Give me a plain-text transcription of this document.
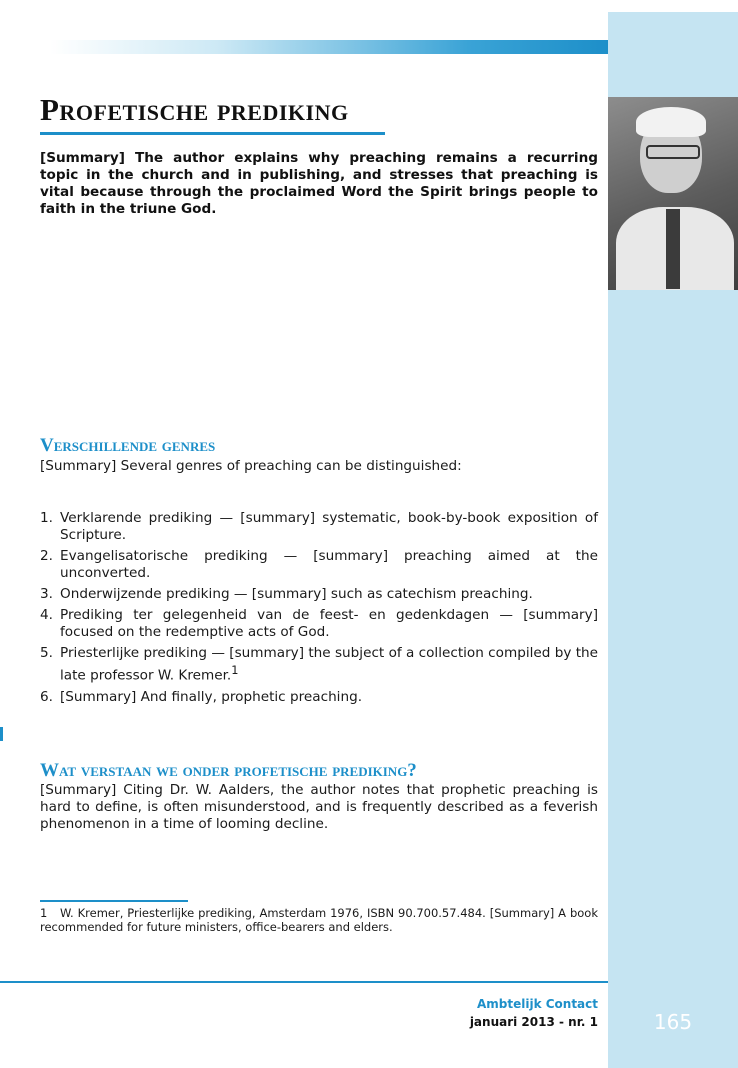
Profetische prediking

[Summary] The author explains why preaching remains a recurring topic in the church and in publishing, and stresses that preaching is vital because through the proclaimed Word the Spirit brings people to faith in the triune God.

Verschillende genres

[Summary] Several genres of preaching can be distinguished:

1. Verklarende prediking — [summary] systematic, book-by-book exposition of Scripture.
2. Evangelisatorische prediking — [summary] preaching aimed at the unconverted.
3. Onderwijzende prediking — [summary] such as catechism preaching.
4. Prediking ter gelegenheid van de feest- en gedenkdagen — [summary] focused on the redemptive acts of God.
5. Priesterlijke prediking — [summary] the subject of a collection compiled by the late professor W. Kremer.$^1$
6. [Summary] And finally, prophetic preaching.
Wat verstaan we onder profetische prediking?

[Summary] Citing Dr. W. Aalders, the author notes that prophetic preaching is hard to define, is often misunderstood, and is frequently described as a feverish phenomenon in a time of looming decline.

1 W. Kremer, Priesterlijke prediking, Amsterdam 1976, ISBN 90.700.57.484. [Summary] A book recommended for future ministers, office-bearers and elders.

Ambtelijk Contact
januari 2013 - nr. 1	165
